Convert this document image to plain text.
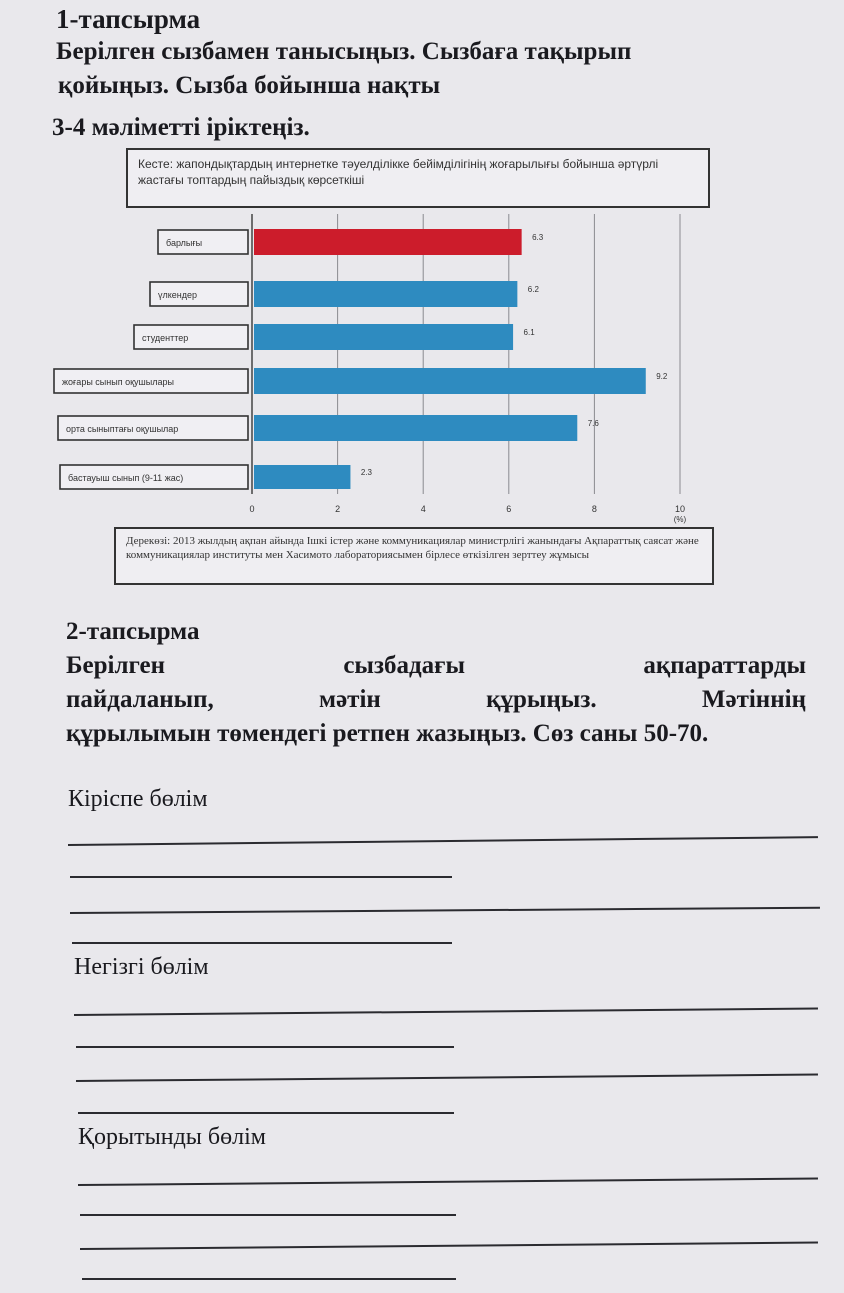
1-тапсырма
Берілген сызбамен танысыңыз. Сызбаға тақырып
қойыңыз. Сызба бойынша нақты
3-4 мәліметті іріктеңіз.
Кесте: жапондықтардың интернетке тәуелділікке бейімділігінің жоғарылығы бойынша әртүрлі жастағы топтардың пайыздық көрсеткіші
0	2	4	6	8	10
(%)
барлығы
6.3
үлкендер
6.2
студенттер
6.1
жоғары сынып оқушылары
9.2
орта сыныптағы оқушылар
7.6
бастауыш сынып (9-11 жас)
2.3
Дерекөзі: 2013 жылдың ақпан айында Ішкі істер және коммуникациялар министрлігі жанындағы Ақпараттық саясат және коммуникациялар институты мен Хасимото лабораториясымен бірлесе өткізілген зерттеу жұмысы
2-тапсырма
Берілген	сызбадағы	ақпараттарды
пайдаланып,	мәтін	құрыңыз.	Мәтіннің
құрылымын төмендегі ретпен жазыңыз. Сөз саны 50-70.
Кіріспе бөлім
Негізгі бөлім
Қорытынды бөлім
